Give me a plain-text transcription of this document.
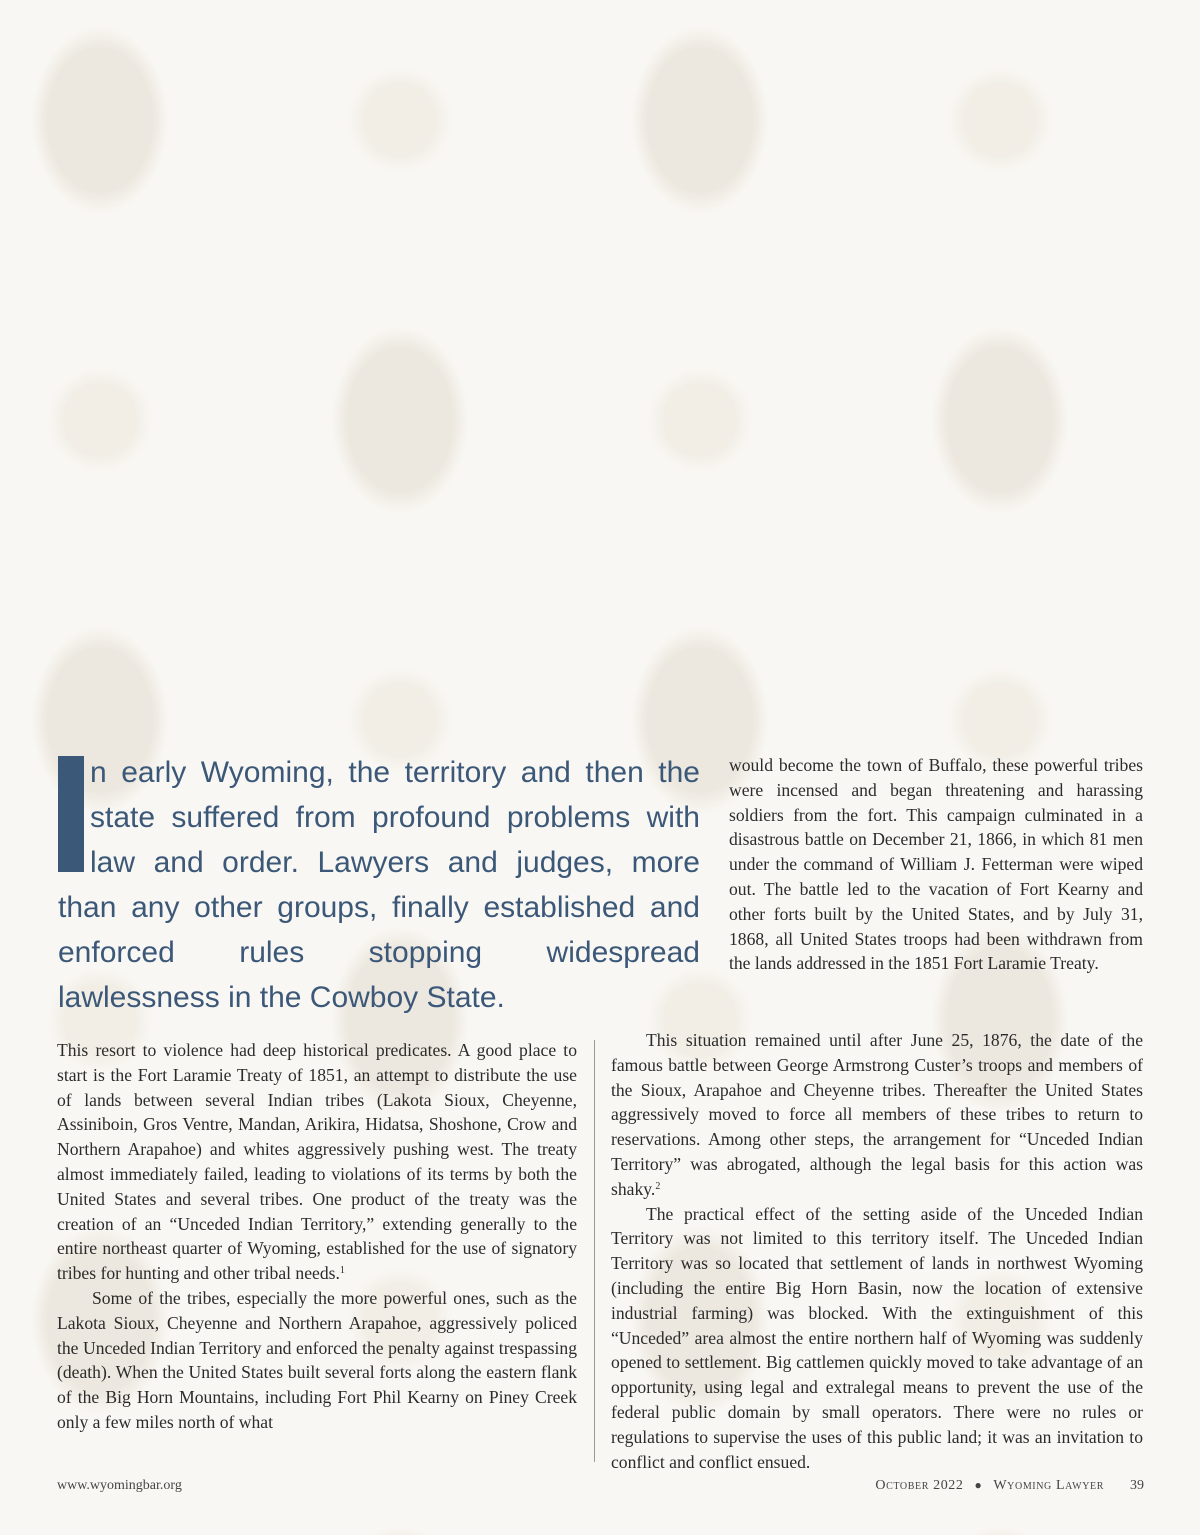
n early Wyoming, the territory and then the state suffered from profound problems with law and order. Lawyers and judges, more than any other groups, finally established and enforced rules stopping widespread lawlessness in the Cowboy State.

This resort to violence had deep historical predicates. A good place to start is the Fort Laramie Treaty of 1851, an attempt to distribute the use of lands between several Indian tribes (Lakota Sioux, Cheyenne, Assiniboin, Gros Ventre, Mandan, Arikira, Hidatsa, Shoshone, Crow and Northern Arapahoe) and whites aggressively pushing west. The treaty almost immediately failed, leading to violations of its terms by both the United States and several tribes. One product of the treaty was the creation of an “Unceded Indian Territory,” extending generally to the entire northeast quarter of Wyoming, established for the use of signatory tribes for hunting and other tribal needs.$^1$

Some of the tribes, especially the more powerful ones, such as the Lakota Sioux, Cheyenne and Northern Arapahoe, aggressively policed the Unceded Indian Territory and enforced the penalty against trespassing (death). When the United States built several forts along the eastern flank of the Big Horn Mountains, including Fort Phil Kearny on Piney Creek only a few miles north of what

would become the town of Buffalo, these powerful tribes were incensed and began threatening and harassing soldiers from the fort. This campaign culminated in a disastrous battle on December 21, 1866, in which 81 men under the command of William J. Fetterman were wiped out. The battle led to the vacation of Fort Kearny and other forts built by the United States, and by July 31, 1868, all United States troops had been withdrawn from the lands addressed in the 1851 Fort Laramie Treaty.

This situation remained until after June 25, 1876, the date of the famous battle between George Armstrong Custer’s troops and members of the Sioux, Arapahoe and Cheyenne tribes. Thereafter the United States aggressively moved to force all members of these tribes to return to reservations. Among other steps, the arrangement for “Unceded Indian Territory” was abrogated, although the legal basis for this action was shaky.$^2$

The practical effect of the setting aside of the Unceded Indian Territory was not limited to this territory itself. The Unceded Indian Territory was so located that settlement of lands in northwest Wyoming (including the entire Big Horn Basin, now the location of extensive industrial farming) was blocked. With the extinguishment of this “Unceded” area almost the entire northern half of Wyoming was suddenly opened to settlement. Big cattlemen quickly moved to take advantage of an opportunity, using legal and extralegal means to prevent the use of the federal public domain by small operators. There were no rules or regulations to supervise the uses of this public land; it was an invitation to conflict and conflict ensued.

www.wyomingbar.org	October 2022 ● Wyoming Lawyer 39
